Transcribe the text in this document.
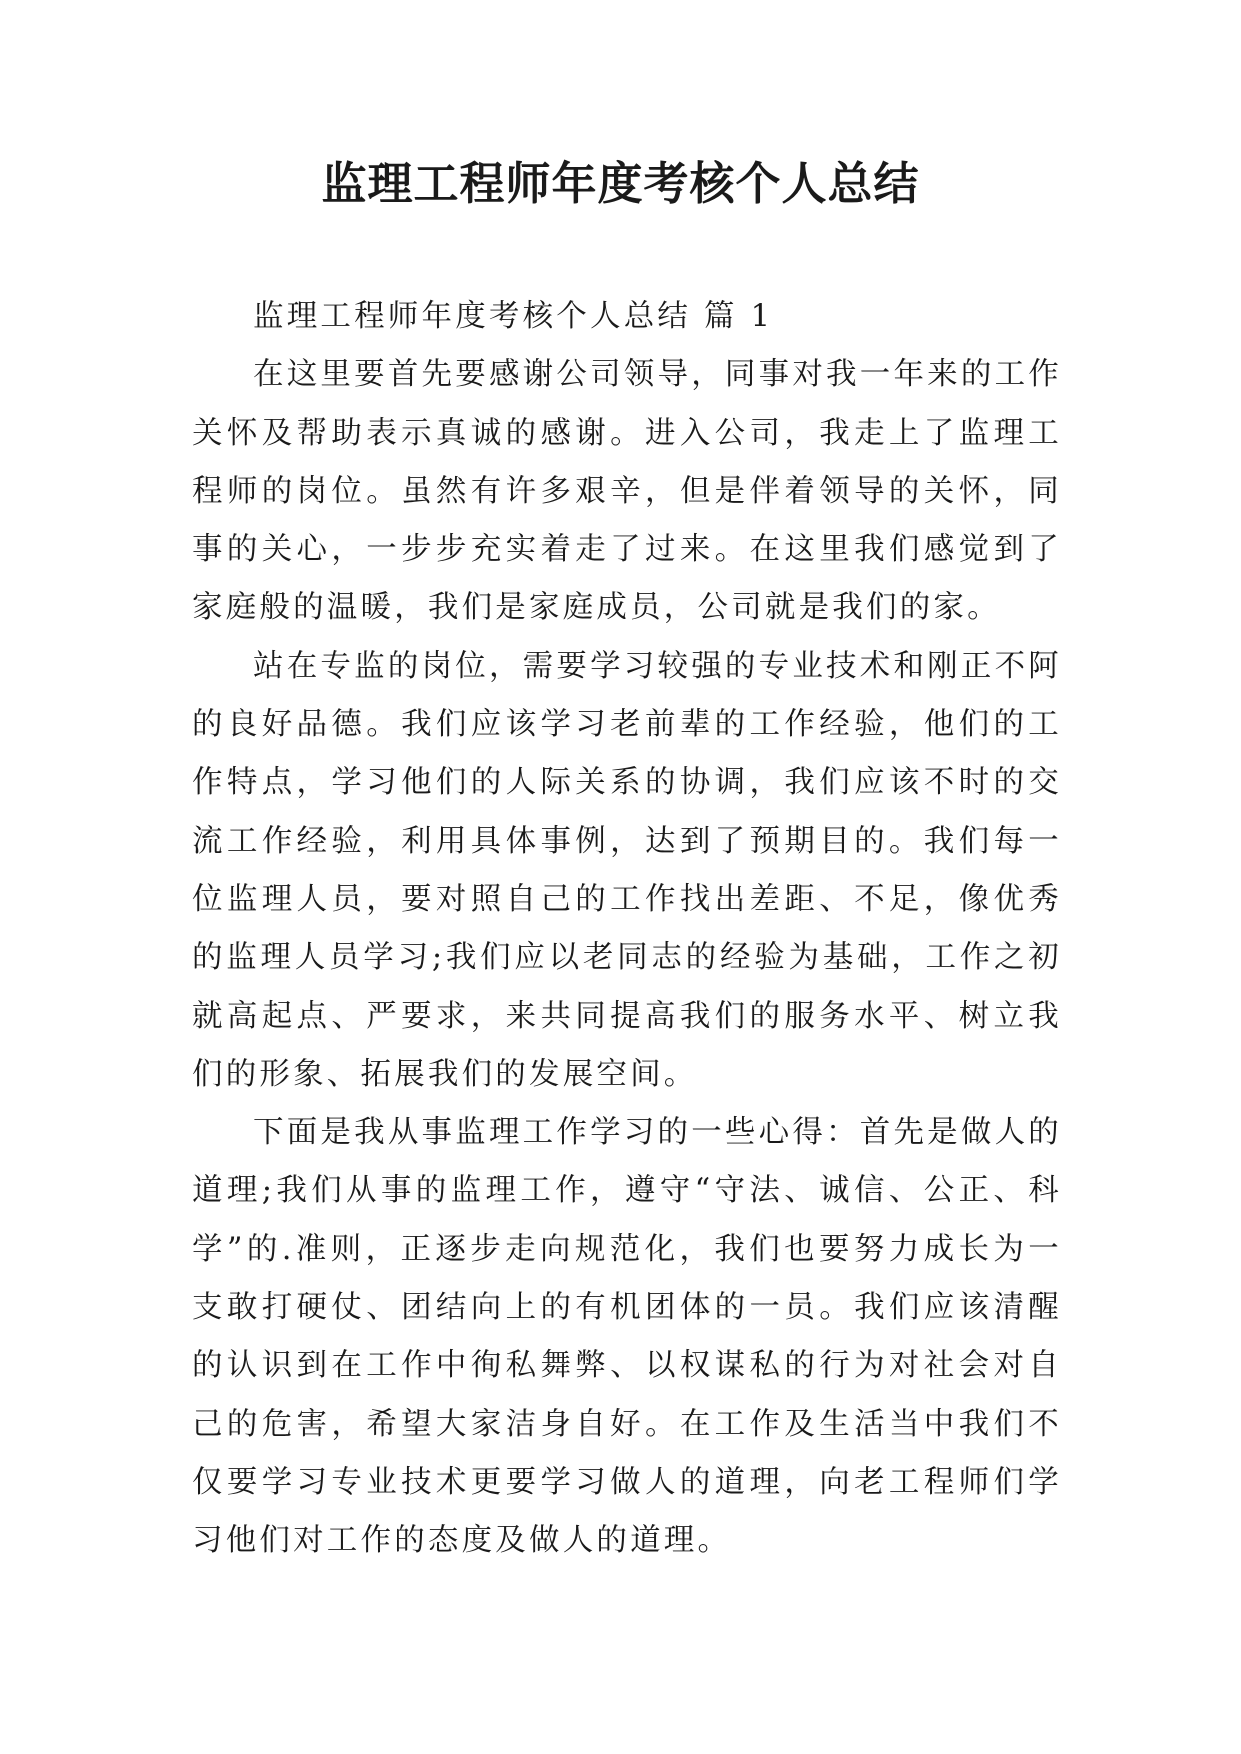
监理工程师年度考核个人总结

监理工程师年度考核个人总结 篇 1

在这里要首先要感谢公司领导，同事对我一年来的工作关怀及帮助表示真诚的感谢。进入公司，我走上了监理工程师的岗位。虽然有许多艰辛，但是伴着领导的关怀，同事的关心，一步步充实着走了过来。在这里我们感觉到了家庭般的温暖，我们是家庭成员，公司就是我们的家。

站在专监的岗位，需要学习较强的专业技术和刚正不阿的良好品德。我们应该学习老前辈的工作经验，他们的工作特点，学习他们的人际关系的协调，我们应该不时的交流工作经验，利用具体事例，达到了预期目的。我们每一位监理人员，要对照自己的工作找出差距、不足，像优秀的监理人员学习;我们应以老同志的经验为基础，工作之初就高起点、严要求，来共同提高我们的服务水平、树立我们的形象、拓展我们的发展空间。

下面是我从事监理工作学习的一些心得：首先是做人的道理;我们从事的监理工作，遵守“守法、诚信、公正、科学”的.准则，正逐步走向规范化，我们也要努力成长为一支敢打硬仗、团结向上的有机团体的一员。我们应该清醒的认识到在工作中徇私舞弊、以权谋私的行为对社会对自己的危害，希望大家洁身自好。在工作及生活当中我们不仅要学习专业技术更要学习做人的道理，向老工程师们学习他们对工作的态度及做人的道理。
